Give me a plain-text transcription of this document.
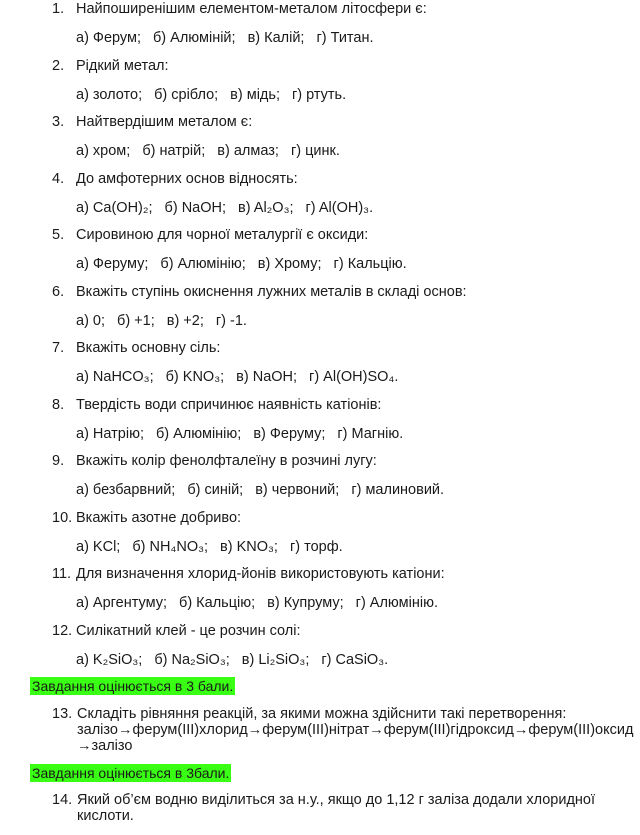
1. Найпоширенішим елементом-металом літосфери є:
а) Ферум; б) Алюміній; в) Калій; г) Титан.
2. Рідкий метал:
а) золото; б) срібло; в) мідь; г) ртуть.
3. Найтвердішим металом є:
а) хром; б) натрій; в) алмаз; г) цинк.
4. До амфотерних основ відносять:
а) Ca(OH)₂; б) NaOH; в) Al₂O₃; г) Al(OH)₃.
5. Сировиною для чорної металургії є оксиди:
а) Феруму; б) Алюмінію; в) Хрому; г) Кальцію.
6. Вкажіть ступінь окиснення лужних металів в складі основ:
а) 0; б) +1; в) +2; г) -1.
7. Вкажіть основну сіль:
а) NaHCO₃; б) KNO₃; в) NaOH; г) Al(OH)SO₄.
8. Твердість води спричинює наявність катіонів:
а) Натрію; б) Алюмінію; в) Феруму; г) Магнію.
9. Вкажіть колір фенолфталеїну в розчині лугу:
а) безбарвний; б) синій; в) червоний; г) малиновий.
10. Вкажіть азотне добриво:
а) KCl; б) NH₄NO₃; в) KNO₃; г) торф.
11. Для визначення хлорид-йонів використовують катіони:
а) Аргентуму; б) Кальцію; в) Купруму; г) Алюмінію.
12. Силікатний клей - це розчин солі:
а) K₂SiO₃; б) Na₂SiO₃; в) Li₂SiO₃; г) CaSiO₃.
Завдання оцінюється в 3 бали.
13. Складіть рівняння реакцій, за якими можна здійснити такі перетворення:
залізо→ферум(ІІІ)хлорид→ферум(ІІІ)нітрат→ферум(ІІІ)гідроксид→ферум(ІІІ)оксид
→залізо
Завдання оцінюється в 3бали.
14. Який об’єм водню виділиться за н.у., якщо до 1,12 г заліза додали хлоридної
кислоти.
